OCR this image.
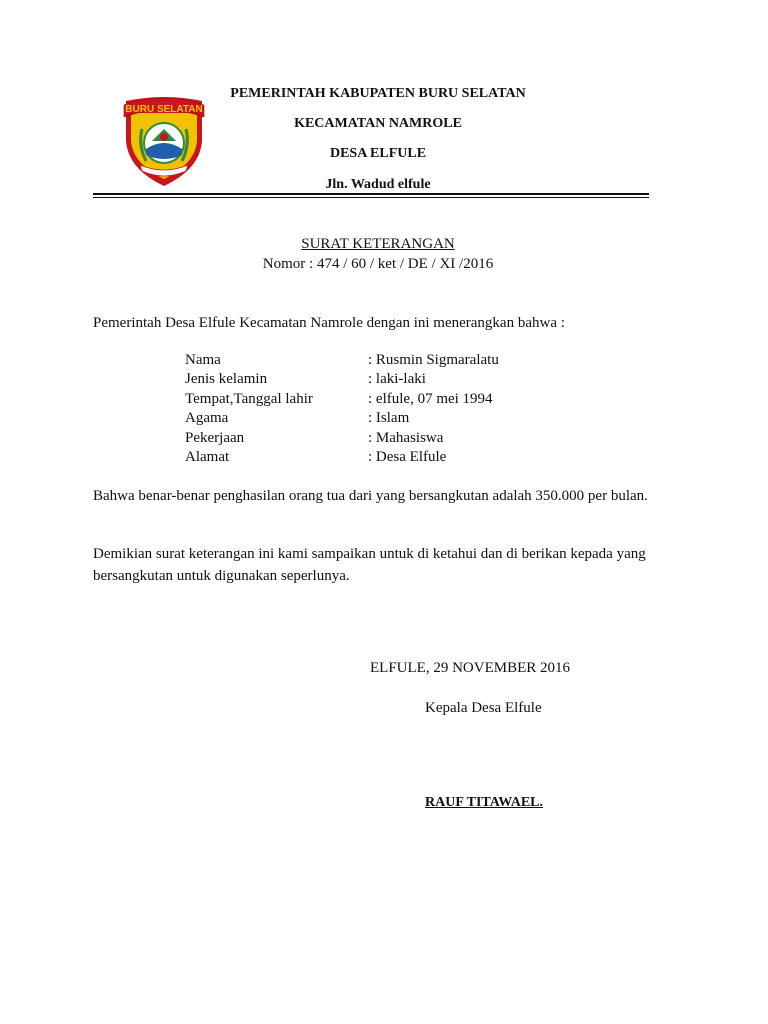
BURU SELATAN
PEMERINTAH KABUPATEN BURU SELATAN
KECAMATAN NAMROLE
DESA ELFULE
Jln. Wadud elfule
SURAT KETERANGAN
Nomor : 474 / 60 / ket / DE / XI /2016
Pemerintah Desa Elfule Kecamatan Namrole dengan ini menerangkan bahwa :
Nama	: Rusmin Sigmaralatu
Jenis kelamin	: laki-laki
Tempat,Tanggal lahir	: elfule, 07 mei 1994
Agama	: Islam
Pekerjaan	: Mahasiswa
Alamat	: Desa Elfule
Bahwa benar-benar penghasilan orang tua dari yang bersangkutan adalah 350.000 per bulan.
Demikian surat keterangan ini kami sampaikan untuk di ketahui dan di berikan kepada yang bersangkutan untuk digunakan seperlunya.
ELFULE, 29 NOVEMBER 2016
Kepala Desa Elfule
RAUF TITAWAEL.
